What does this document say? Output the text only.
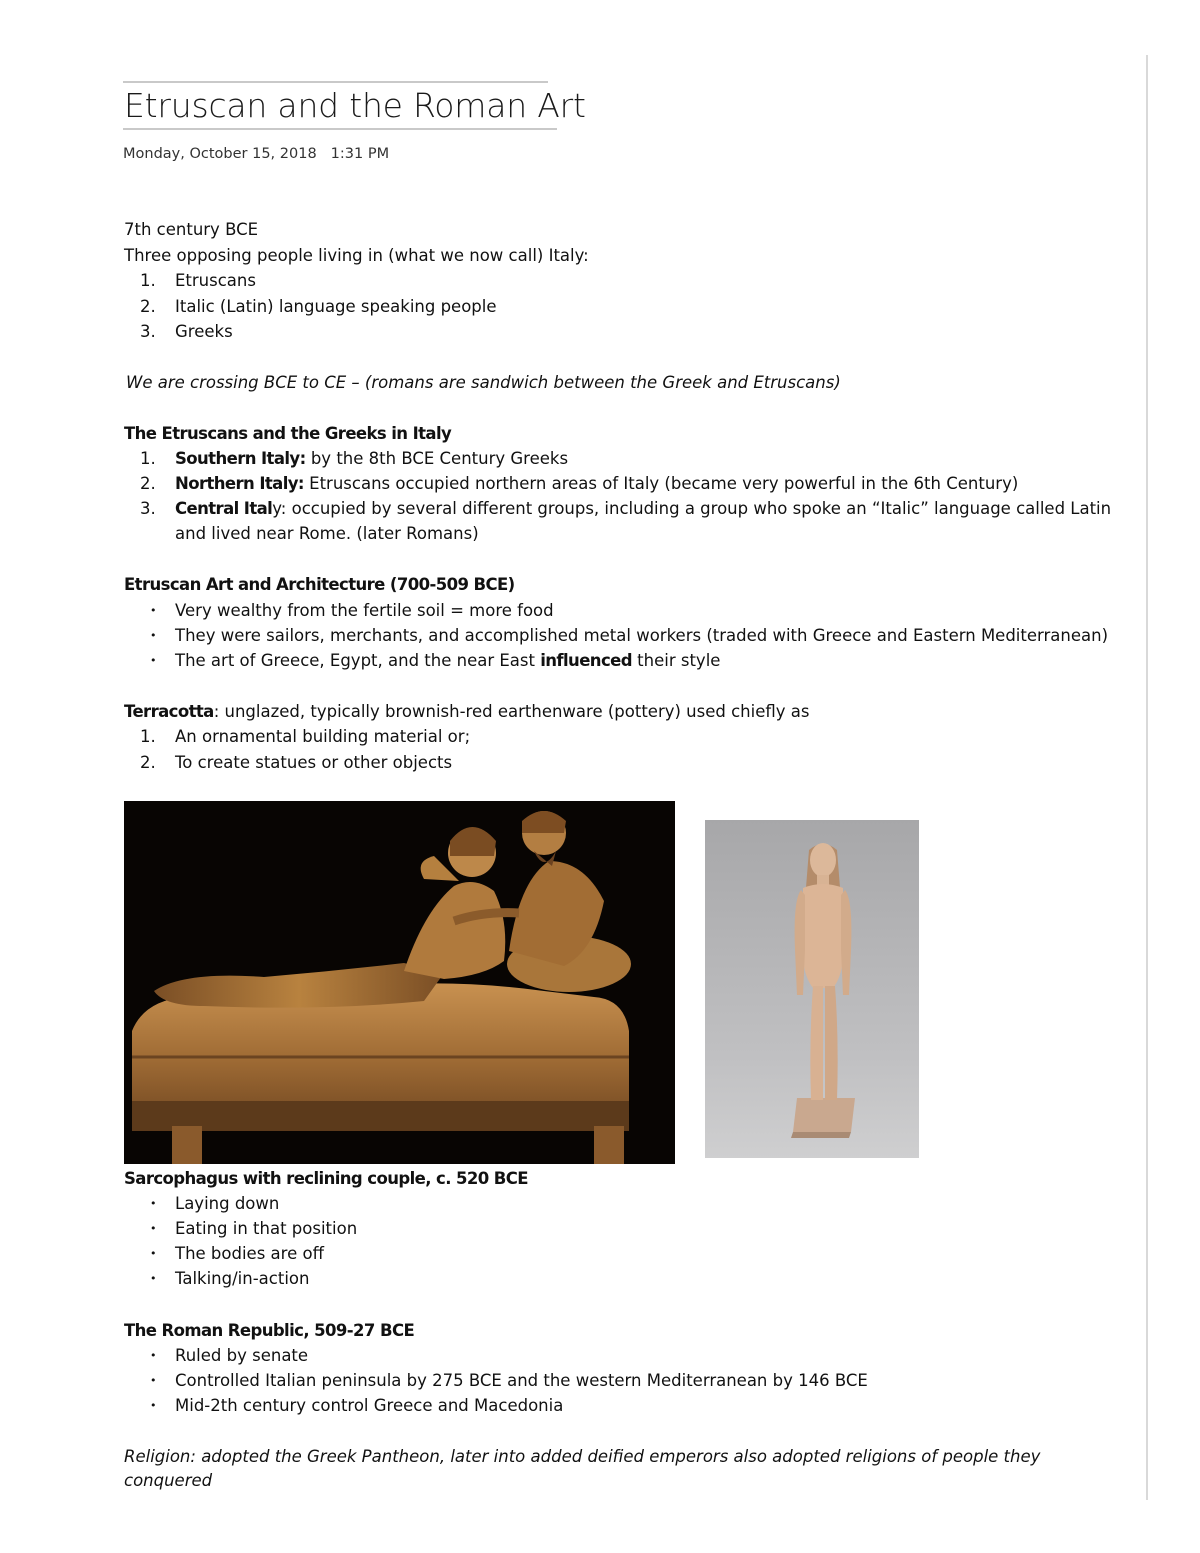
Etruscan and the Roman Art
Monday, October 15, 2018 1:31 PM
7th century BCE
Three opposing people living in (what we now call) Italy:
1. Etruscans
2. Italic (Latin) language speaking people
3. Greeks
We are crossing BCE to CE – (romans are sandwich between the Greek and Etruscans)
The Etruscans and the Greeks in Italy
1. Southern Italy: by the 8th BCE Century Greeks
2. Northern Italy: Etruscans occupied northern areas of Italy (became very powerful in the 6th Century)
3. Central Italy: occupied by several different groups, including a group who spoke an “Italic” language called Latin
and lived near Rome. (later Romans)
Etruscan Art and Architecture (700-509 BCE)
• Very wealthy from the fertile soil = more food
• They were sailors, merchants, and accomplished metal workers (traded with Greece and Eastern Mediterranean)
• The art of Greece, Egypt, and the near East influenced their style
Terracotta: unglazed, typically brownish-red earthenware (pottery) used chiefly as
1. An ornamental building material or;
2. To create statues or other objects
Sarcophagus with reclining couple, c. 520 BCE
• Laying down
• Eating in that position
• The bodies are off
• Talking/in-action
The Roman Republic, 509-27 BCE
• Ruled by senate
• Controlled Italian peninsula by 275 BCE and the western Mediterranean by 146 BCE
• Mid-2th century control Greece and Macedonia
Religion: adopted the Greek Pantheon, later into added deified emperors also adopted religions of people they
conquered
